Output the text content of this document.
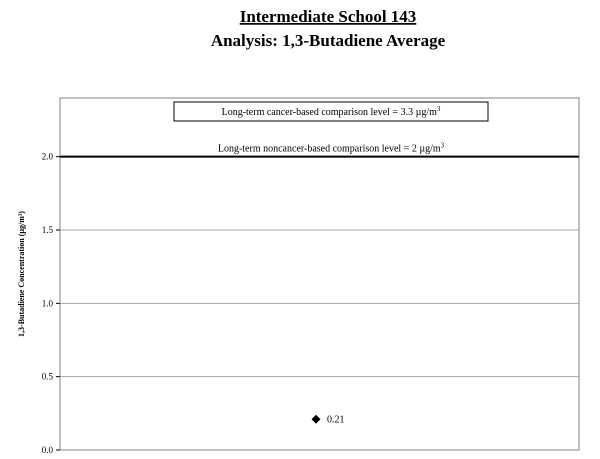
Intermediate School 143
Analysis: 1,3-Butadiene Average
Long-term noncancer-based comparison level = 2 $\mu g/m^3$
0.0
0.5
1.0
1.5
2.0
Long-term cancer-based comparison level = 3.3 $\mu g/m^3$
1,3-Butadiene Concentration (µg/m³)
0.21
